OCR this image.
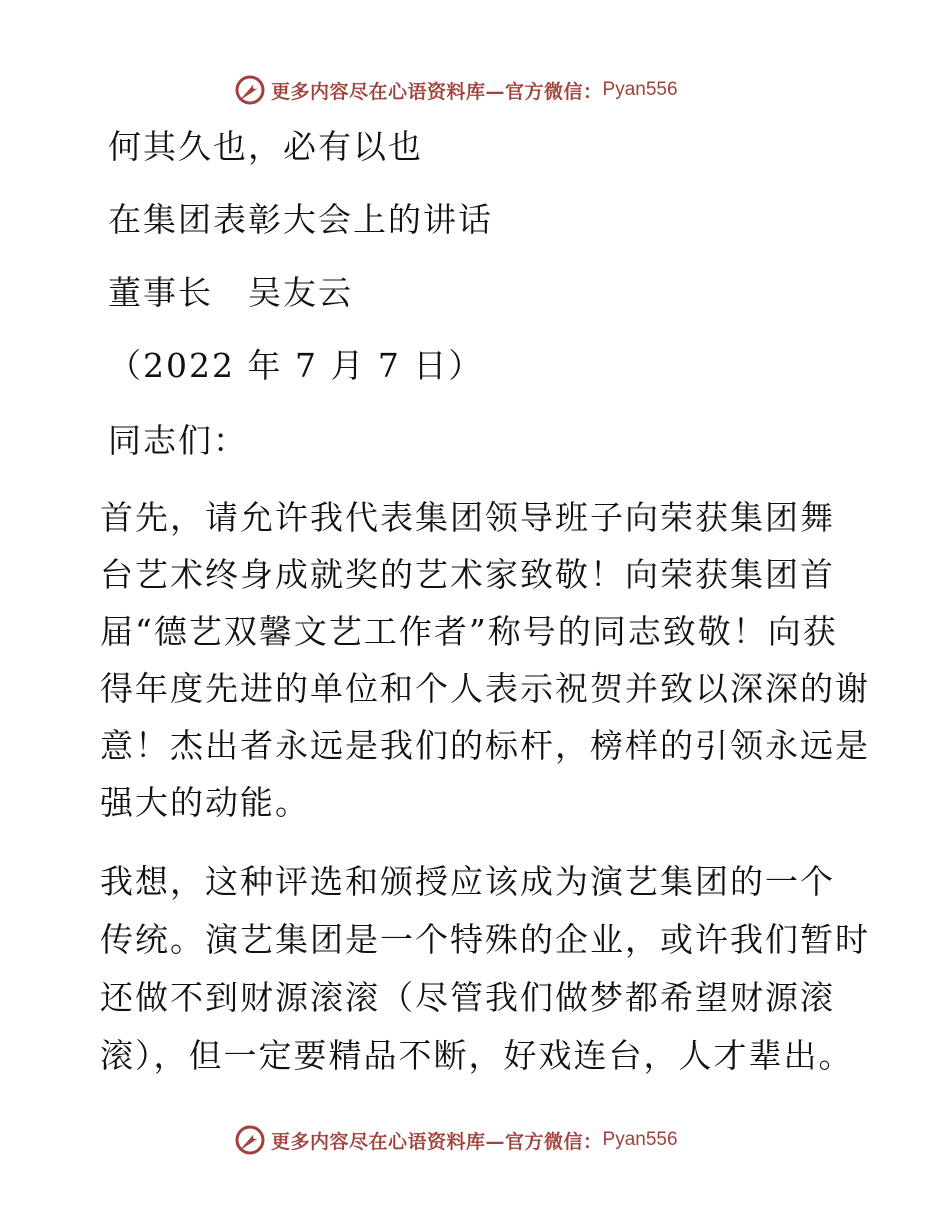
更多内容尽在心语资料库—官方微信： Pyan556
何其久也，必有以也
在集团表彰大会上的讲话
董事长　吴友云
（2022 年 7 月 7 日）
同志们：
首先，请允许我代表集团领导班子向荣获集团舞
台艺术终身成就奖的艺术家致敬！向荣获集团首
届“德艺双馨文艺工作者”称号的同志致敬！向获
得年度先进的单位和个人表示祝贺并致以深深的谢
意！杰出者永远是我们的标杆，榜样的引领永远是
强大的动能。
我想，这种评选和颁授应该成为演艺集团的一个
传统。演艺集团是一个特殊的企业，或许我们暂时
还做不到财源滚滚（尽管我们做梦都希望财源滚
滚），但一定要精品不断，好戏连台，人才辈出。
更多内容尽在心语资料库—官方微信： Pyan556
